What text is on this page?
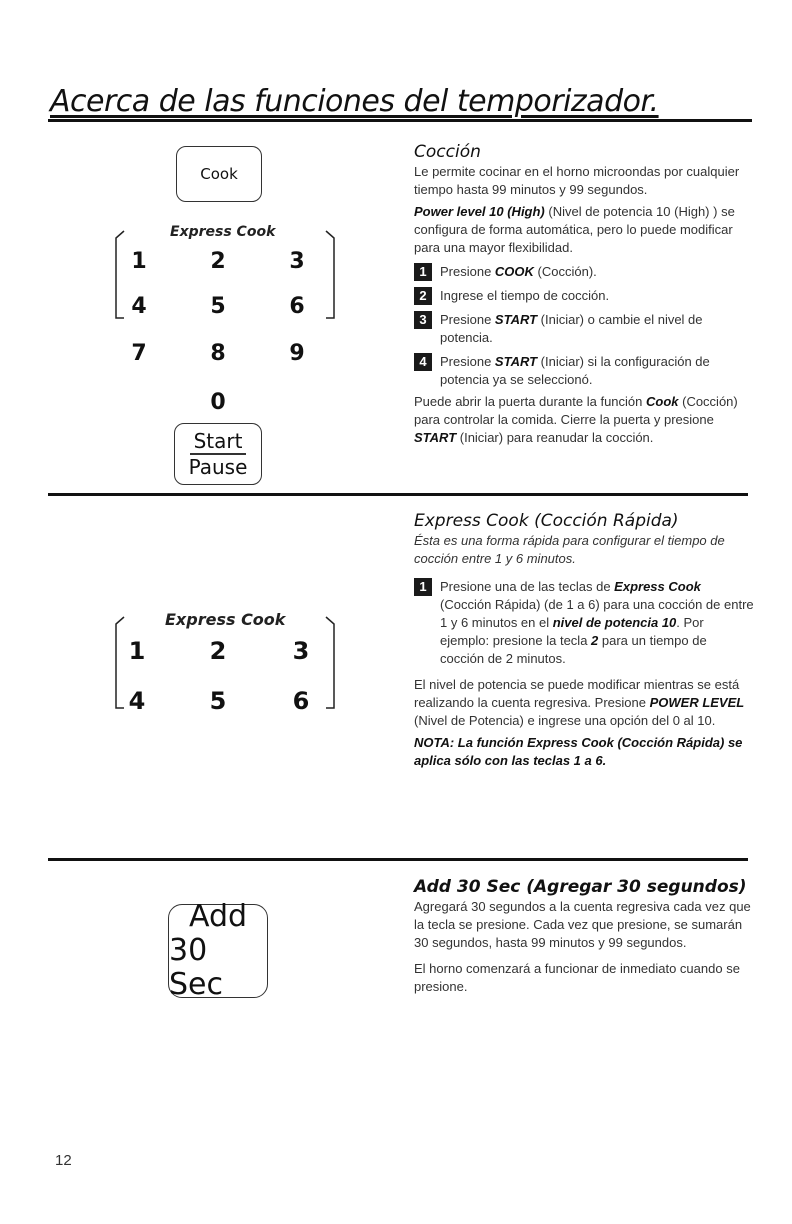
Acerca de las funciones del temporizador.
Cook
Express Cook
1	2	3
4	5	6
7	8	9
0
Start
Pause
Cocción

Le permite cocinar en el horno microondas por cualquier tiempo hasta 99 minutos y 99 segundos.

Power level 10 (High) (Nivel de potencia 10 (High) ) se configura de forma automática, pero lo puede modificar para una mayor flexibilidad.

1	Presione COOK (Cocción).
2	Ingrese el tiempo de cocción.
3	Presione START (Iniciar) o cambie el nivel de potencia.
4	Presione START (Iniciar) si la configuración de potencia ya se seleccionó.

Puede abrir la puerta durante la función Cook (Cocción) para controlar la comida. Cierre la puerta y presione START (Iniciar) para reanudar la cocción.

Express Cook
1	2	3
4	5	6
Express Cook (Cocción Rápida)

Ésta es una forma rápida para configurar el tiempo de cocción entre 1 y 6 minutos.

1	Presione una de las teclas de Express Cook (Cocción Rápida) (de 1 a 6) para una cocción de entre 1 y 6 minutos en el nivel de potencia 10. Por ejemplo: presione la tecla 2 para un tiempo de cocción de 2 minutos.

El nivel de potencia se puede modificar mientras se está realizando la cuenta regresiva. Presione POWER LEVEL (Nivel de Potencia) e ingrese una opción del 0 al 10.

NOTA: La función Express Cook (Cocción Rápida) se aplica sólo con las teclas 1 a 6.

Add
30 Sec
Add 30 Sec (Agregar 30 segundos)

Agregará 30 segundos a la cuenta regresiva cada vez que la tecla se presione. Cada vez que presione, se sumarán 30 segundos, hasta 99 minutos y 99 segundos.

El horno comenzará a funcionar de inmediato cuando se presione.

12
